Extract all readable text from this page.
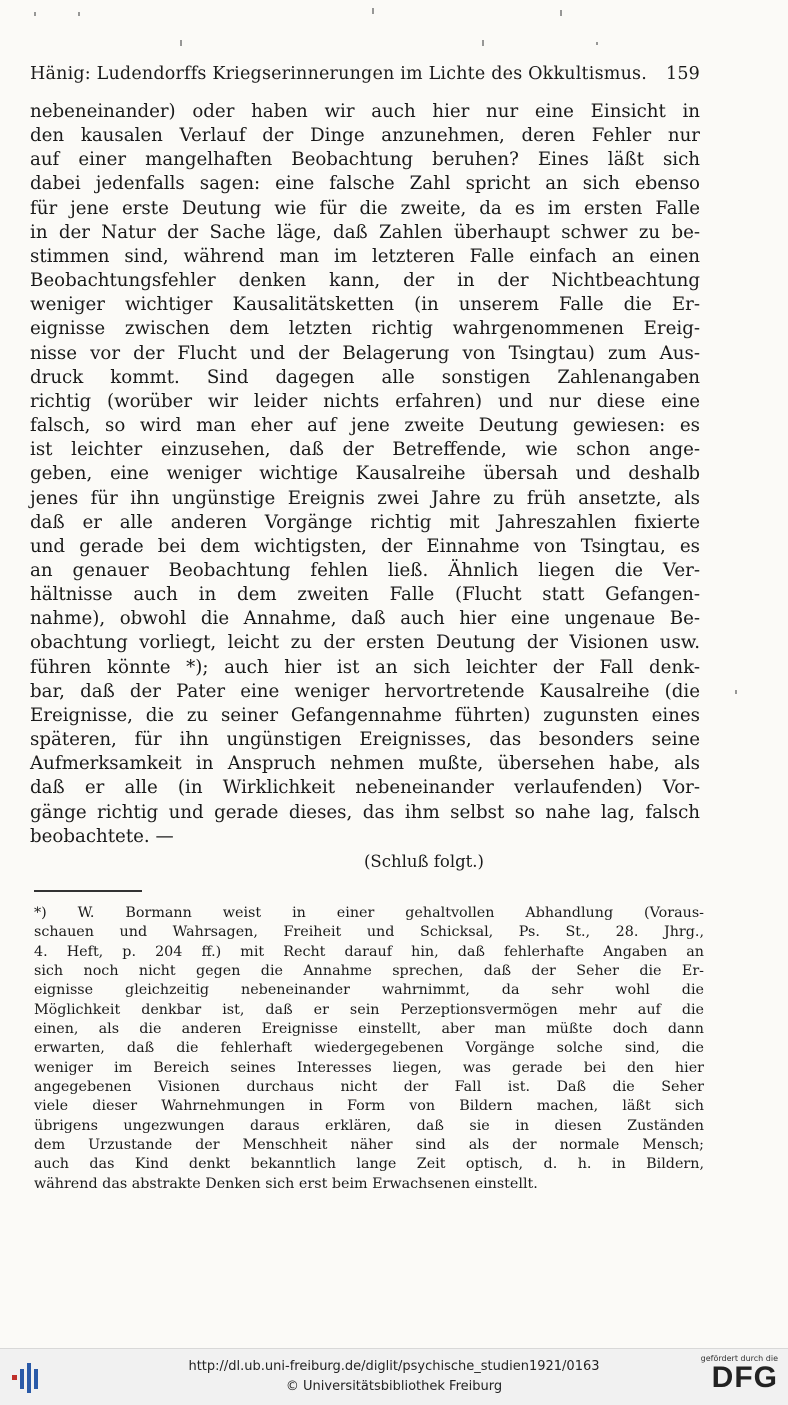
Hänig: Ludendorffs Kriegserinnerungen im Lichte des Okkultismus. 159
nebeneinander) oder haben wir auch hier nur eine Einsicht in
den kausalen Verlauf der Dinge anzunehmen, deren Fehler nur
auf einer mangelhaften Beobachtung beruhen? Eines läßt sich
dabei jedenfalls sagen: eine falsche Zahl spricht an sich ebenso
für jene erste Deutung wie für die zweite, da es im ersten Falle
in der Natur der Sache läge, daß Zahlen überhaupt schwer zu be-
stimmen sind, während man im letzteren Falle einfach an einen
Beobachtungsfehler denken kann, der in der Nichtbeachtung
weniger wichtiger Kausalitätsketten (in unserem Falle die Er-
eignisse zwischen dem letzten richtig wahrgenommenen Ereig-
nisse vor der Flucht und der Belagerung von Tsingtau) zum Aus-
druck kommt. Sind dagegen alle sonstigen Zahlenangaben
richtig (worüber wir leider nichts erfahren) und nur diese eine
falsch, so wird man eher auf jene zweite Deutung gewiesen: es
ist leichter einzusehen, daß der Betreffende, wie schon ange-
geben, eine weniger wichtige Kausalreihe übersah und deshalb
jenes für ihn ungünstige Ereignis zwei Jahre zu früh ansetzte, als
daß er alle anderen Vorgänge richtig mit Jahreszahlen fixierte
und gerade bei dem wichtigsten, der Einnahme von Tsingtau, es
an genauer Beobachtung fehlen ließ. Ähnlich liegen die Ver-
hältnisse auch in dem zweiten Falle (Flucht statt Gefangen-
nahme), obwohl die Annahme, daß auch hier eine ungenaue Be-
obachtung vorliegt, leicht zu der ersten Deutung der Visionen usw.
führen könnte *); auch hier ist an sich leichter der Fall denk-
bar, daß der Pater eine weniger hervortretende Kausalreihe (die
Ereignisse, die zu seiner Gefangennahme führten) zugunsten eines
späteren, für ihn ungünstigen Ereignisses, das besonders seine
Aufmerksamkeit in Anspruch nehmen mußte, übersehen habe, als
daß er alle (in Wirklichkeit nebeneinander verlaufenden) Vor-
gänge richtig und gerade dieses, das ihm selbst so nahe lag, falsch
beobachtete. —
(Schluß folgt.)
*) W. Bormann weist in einer gehaltvollen Abhandlung (Voraus-
schauen und Wahrsagen, Freiheit und Schicksal, Ps. St., 28. Jhrg.,
4. Heft, p. 204 ff.) mit Recht darauf hin, daß fehlerhafte Angaben an
sich noch nicht gegen die Annahme sprechen, daß der Seher die Er-
eignisse gleichzeitig nebeneinander wahrnimmt, da sehr wohl die
Möglichkeit denkbar ist, daß er sein Perzeptionsvermögen mehr auf die
einen, als die anderen Ereignisse einstellt, aber man müßte doch dann
erwarten, daß die fehlerhaft wiedergegebenen Vorgänge solche sind, die
weniger im Bereich seines Interesses liegen, was gerade bei den hier
angegebenen Visionen durchaus nicht der Fall ist. Daß die Seher
viele dieser Wahrnehmungen in Form von Bildern machen, läßt sich
übrigens ungezwungen daraus erklären, daß sie in diesen Zuständen
dem Urzustande der Menschheit näher sind als der normale Mensch;
auch das Kind denkt bekanntlich lange Zeit optisch, d. h. in Bildern,
während das abstrakte Denken sich erst beim Erwachsenen einstellt.
http://dl.ub.uni-freiburg.de/diglit/psychische_studien1921/0163
© Universitätsbibliothek Freiburg
gefördert durch die
DFG
